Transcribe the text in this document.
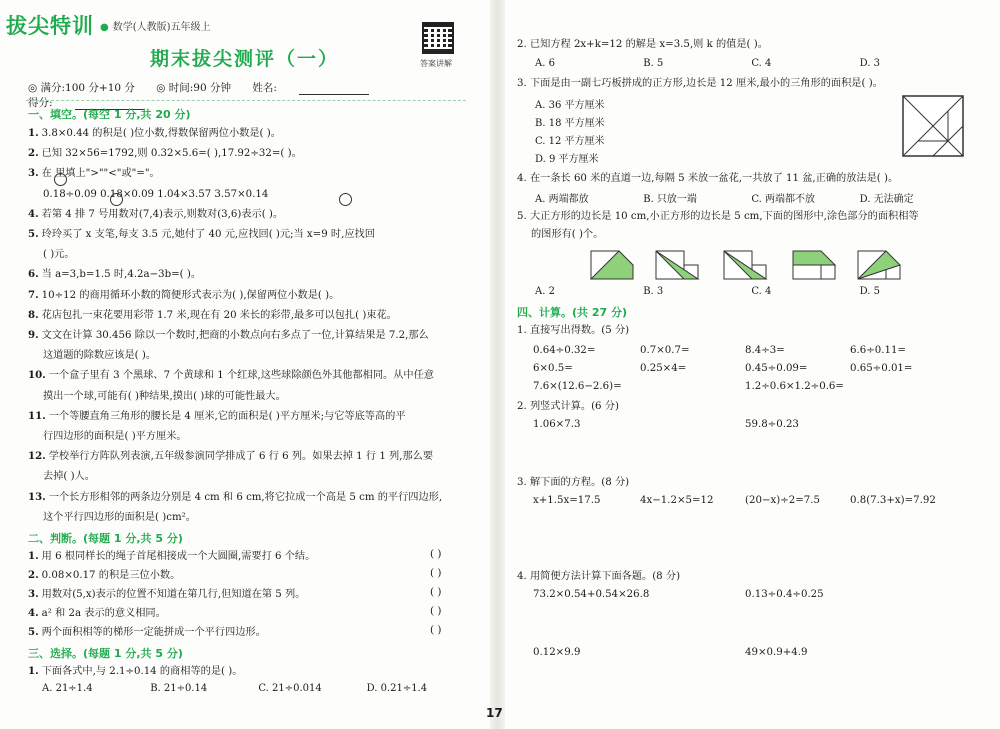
拔尖特训 ● 数学(人教版)五年级上
答案讲解
期末拔尖测评（一）
◎ 满分:100 分+10 分 ◎ 时间:90 分钟 姓名: 得分:
一、填空。(每空 1 分,共 20 分)
1. 3.8×0.44 的积是( )位小数,得数保留两位小数是( )。
2. 已知 32×56=1792,则 0.32×5.6=( ),17.92÷32=( )。
3. 在 里填上">""<"或"="。
0.18÷0.09 0.18×0.09 1.04×3.57 3.57×0.14
4. 若第 4 排 7 号用数对(7,4)表示,则数对(3,6)表示( )。
5. 玲玲买了 x 支笔,每支 3.5 元,她付了 40 元,应找回( )元;当 x=9 时,应找回
( )元。
6. 当 a=3,b=1.5 时,4.2a−3b=( )。
7. 10÷12 的商用循环小数的简便形式表示为( ),保留两位小数是( )。
8. 花店包扎一束花要用彩带 1.7 米,现在有 20 米长的彩带,最多可以包扎( )束花。
9. 文文在计算 30.456 除以一个数时,把商的小数点向右多点了一位,计算结果是 7.2,那么
这道题的除数应该是( )。
10. 一个盒子里有 3 个黑球、7 个黄球和 1 个红球,这些球除颜色外其他都相同。从中任意
摸出一个球,可能有( )种结果,摸出( )球的可能性最大。
11. 一个等腰直角三角形的腰长是 4 厘米,它的面积是( )平方厘米;与它等底等高的平
行四边形的面积是( )平方厘米。
12. 学校举行方阵队列表演,五年级参演同学排成了 6 行 6 列。如果去掉 1 行 1 列,那么要
去掉( )人。
13. 一个长方形相邻的两条边分别是 4 cm 和 6 cm,将它拉成一个高是 5 cm 的平行四边形,
这个平行四边形的面积是( )cm²。
二、判断。(每题 1 分,共 5 分)
1. 用 6 根同样长的绳子首尾相接成一个大圆圈,需要打 6 个结。	( )
2. 0.08×0.17 的积是三位小数。	( )
3. 用数对(5,x)表示的位置不知道在第几行,但知道在第 5 列。	( )
4. a² 和 2a 表示的意义相同。	( )
5. 两个面积相等的梯形一定能拼成一个平行四边形。	( )
三、选择。(每题 1 分,共 5 分)
1. 下面各式中,与 2.1÷0.14 的商相等的是( )。
A. 21÷1.4	B. 21÷0.14	C. 21÷0.014	D. 0.21÷1.4
2. 已知方程 2x+k=12 的解是 x=3.5,则 k 的值是( )。
A. 6	B. 5	C. 4	D. 3
3. 下面是由一副七巧板拼成的正方形,边长是 12 厘米,最小的三角形的面积是( )。
A. 36 平方厘米
B. 18 平方厘米
C. 12 平方厘米
D. 9 平方厘米
4. 在一条长 60 米的直道一边,每隔 5 米放一盆花,一共放了 11 盆,正确的放法是( )。
A. 两端都放	B. 只放一端	C. 两端都不放	D. 无法确定
5. 大正方形的边长是 10 cm,小正方形的边长是 5 cm,下面的图形中,涂色部分的面积相等
的图形有( )个。
A. 2	B. 3	C. 4	D. 5
四、计算。(共 27 分)
1. 直接写出得数。(5 分)
2. 列竖式计算。(6 分)
1.06×7.3	59.8÷0.23
3. 解下面的方程。(8 分)
x+1.5x=17.5	4x−1.2×5=12	(20−x)÷2=7.5	0.8(7.3+x)=7.92
4. 用简便方法计算下面各题。(8 分)
73.2×0.54+0.54×26.8	0.13÷0.4÷0.25
0.12×9.9	49×0.9+4.9
17
0.64÷0.32=	0.7×0.7=	8.4÷3=	6.6÷0.11=
6×0.5=	0.25×4=	0.45÷0.09=	0.65÷0.01=
7.6×(12.6−2.6)=	1.2÷0.6×1.2÷0.6=
